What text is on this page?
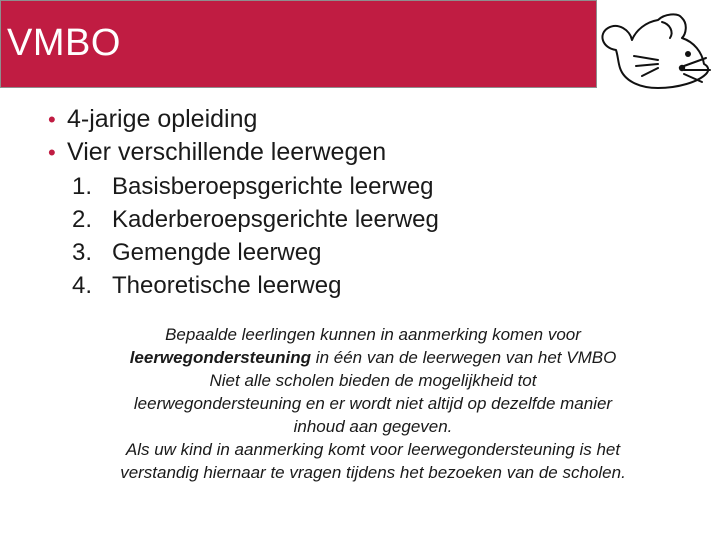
VMBO
• 4-jarige opleiding
• Vier verschillende leerwegen
1. Basisberoepsgerichte leerweg
2. Kaderberoepsgerichte leerweg
3. Gemengde leerweg
4. Theoretische leerweg
Bepaalde leerlingen kunnen in aanmerking komen voor
leerwegondersteuning in één van de leerwegen van het VMBO
Niet alle scholen bieden de mogelijkheid tot
leerwegondersteuning en er wordt niet altijd op dezelfde manier
inhoud aan gegeven.
Als uw kind in aanmerking komt voor leerwegondersteuning is het
verstandig hiernaar te vragen tijdens het bezoeken van de scholen.
